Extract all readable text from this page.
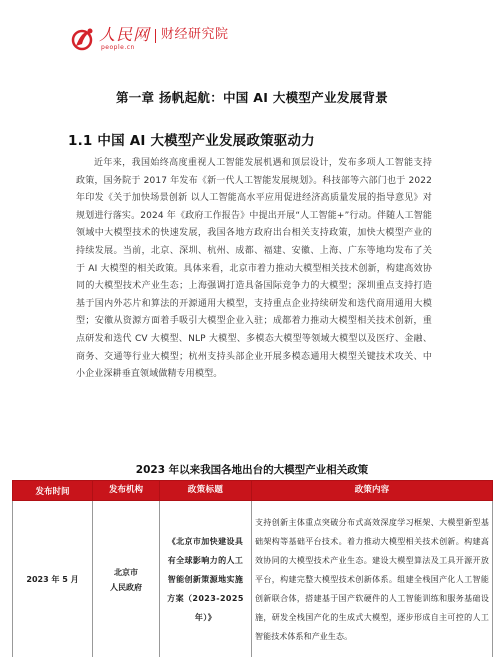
人民网
people.cn
财经研究院
第一章 扬帆起航：中国 AI 大模型产业发展背景
1.1 中国 AI 大模型产业发展政策驱动力

近年来，我国始终高度重视人工智能发展机遇和顶层设计，发布多项人工智能支持政策，国务院于 2017 年发布《新一代人工智能发展规划》。科技部等六部门也于 2022 年印发《关于加快场景创新 以人工智能高水平应用促进经济高质量发展的指导意见》对规划进行落实。2024 年《政府工作报告》中提出开展“人工智能+”行动。伴随人工智能领域中大模型技术的快速发展，我国各地方政府出台相关支持政策，加快大模型产业的持续发展。当前，北京、深圳、杭州、成都、福建、安徽、上海、广东等地均发布了关于 AI 大模型的相关政策。具体来看，北京市着力推动大模型相关技术创新，构建高效协同的大模型技术产业生态；上海强调打造具备国际竞争力的大模型；深圳重点支持打造基于国内外芯片和算法的开源通用大模型，支持重点企业持续研发和迭代商用通用大模型；安徽从资源方面着手吸引大模型企业入驻；成都着力推动大模型相关技术创新，重点研发和迭代 CV 大模型、NLP 大模型、多模态大模型等领域大模型以及医疗、金融、商务、交通等行业大模型；杭州支持头部企业开展多模态通用大模型关键技术攻关、中小企业深耕垂直领域做精专用模型。

2023 年以来我国各地出台的大模型产业相关政策
发布时间	发布机构	政策标题	政策内容
2023 年 5 月	北京市
人民政府	《北京市加快建设具有全球影响力的人工智能创新策源地实施方案（2023-2025 年）》	支持创新主体重点突破分布式高效深度学习框架、大模型新型基础架构等基础平台技术。着力推动大模型相关技术创新。构建高效协同的大模型技术产业生态。建设大模型算法及工具开源开放平台，构建完整大模型技术创新体系。组建全栈国产化人工智能创新联合体，搭建基于国产软硬件的人工智能训练和服务基础设施，研发全栈国产化的生成式大模型，逐步形成自主可控的人工智能技术体系和产业生态。
